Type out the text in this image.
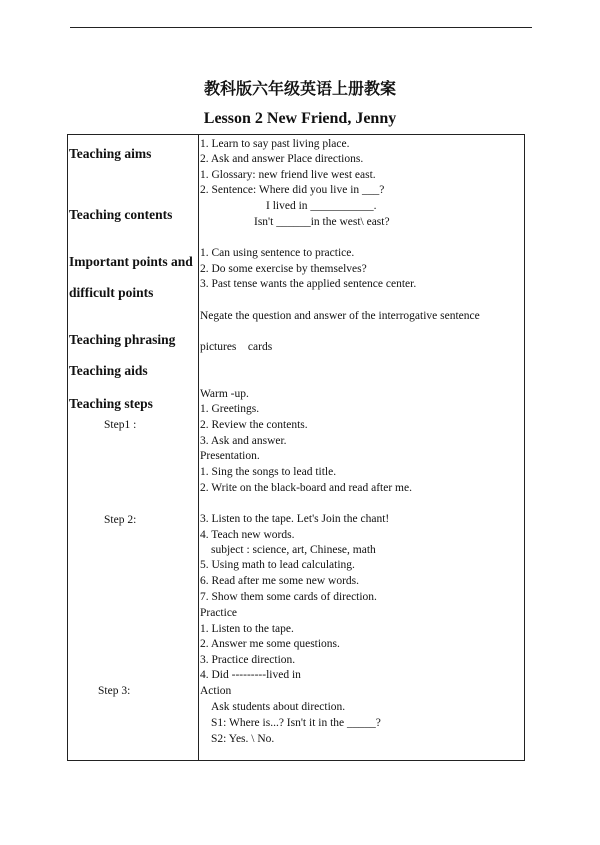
教科版六年级英语上册教案
Lesson 2 New Friend, Jenny
Teaching aims
Teaching contents
Important points and
difficult points
Teaching phrasing
Teaching aids
Teaching steps
Step1 :
Step 2:
Step 3:
1. Learn to say past living place.
2. Ask and answer Place directions.
1. Glossary: new friend live west east.
2. Sentence: Where did you live in ___?
I lived in ___________.
Isn't ______in the west\ east?
1. Can using sentence to practice.
2. Do some exercise by themselves?
3. Past tense wants the applied sentence center.
Negate the question and answer of the interrogative sentence
pictures    cards
Warm -up.
1. Greetings.
2. Review the contents.
3. Ask and answer.
Presentation.
1. Sing the songs to lead title.
2. Write on the black-board and read after me.
3. Listen to the tape. Let's Join the chant!
4. Teach new words.
subject : science, art, Chinese, math
5. Using math to lead calculating.
6. Read after me some new words.
7. Show them some cards of direction.
Practice
1. Listen to the tape.
2. Answer me some questions.
3. Practice direction.
4. Did ---------lived in
Action
Ask students about direction.
S1: Where is...? Isn't it in the _____?
S2: Yes. \ No.
